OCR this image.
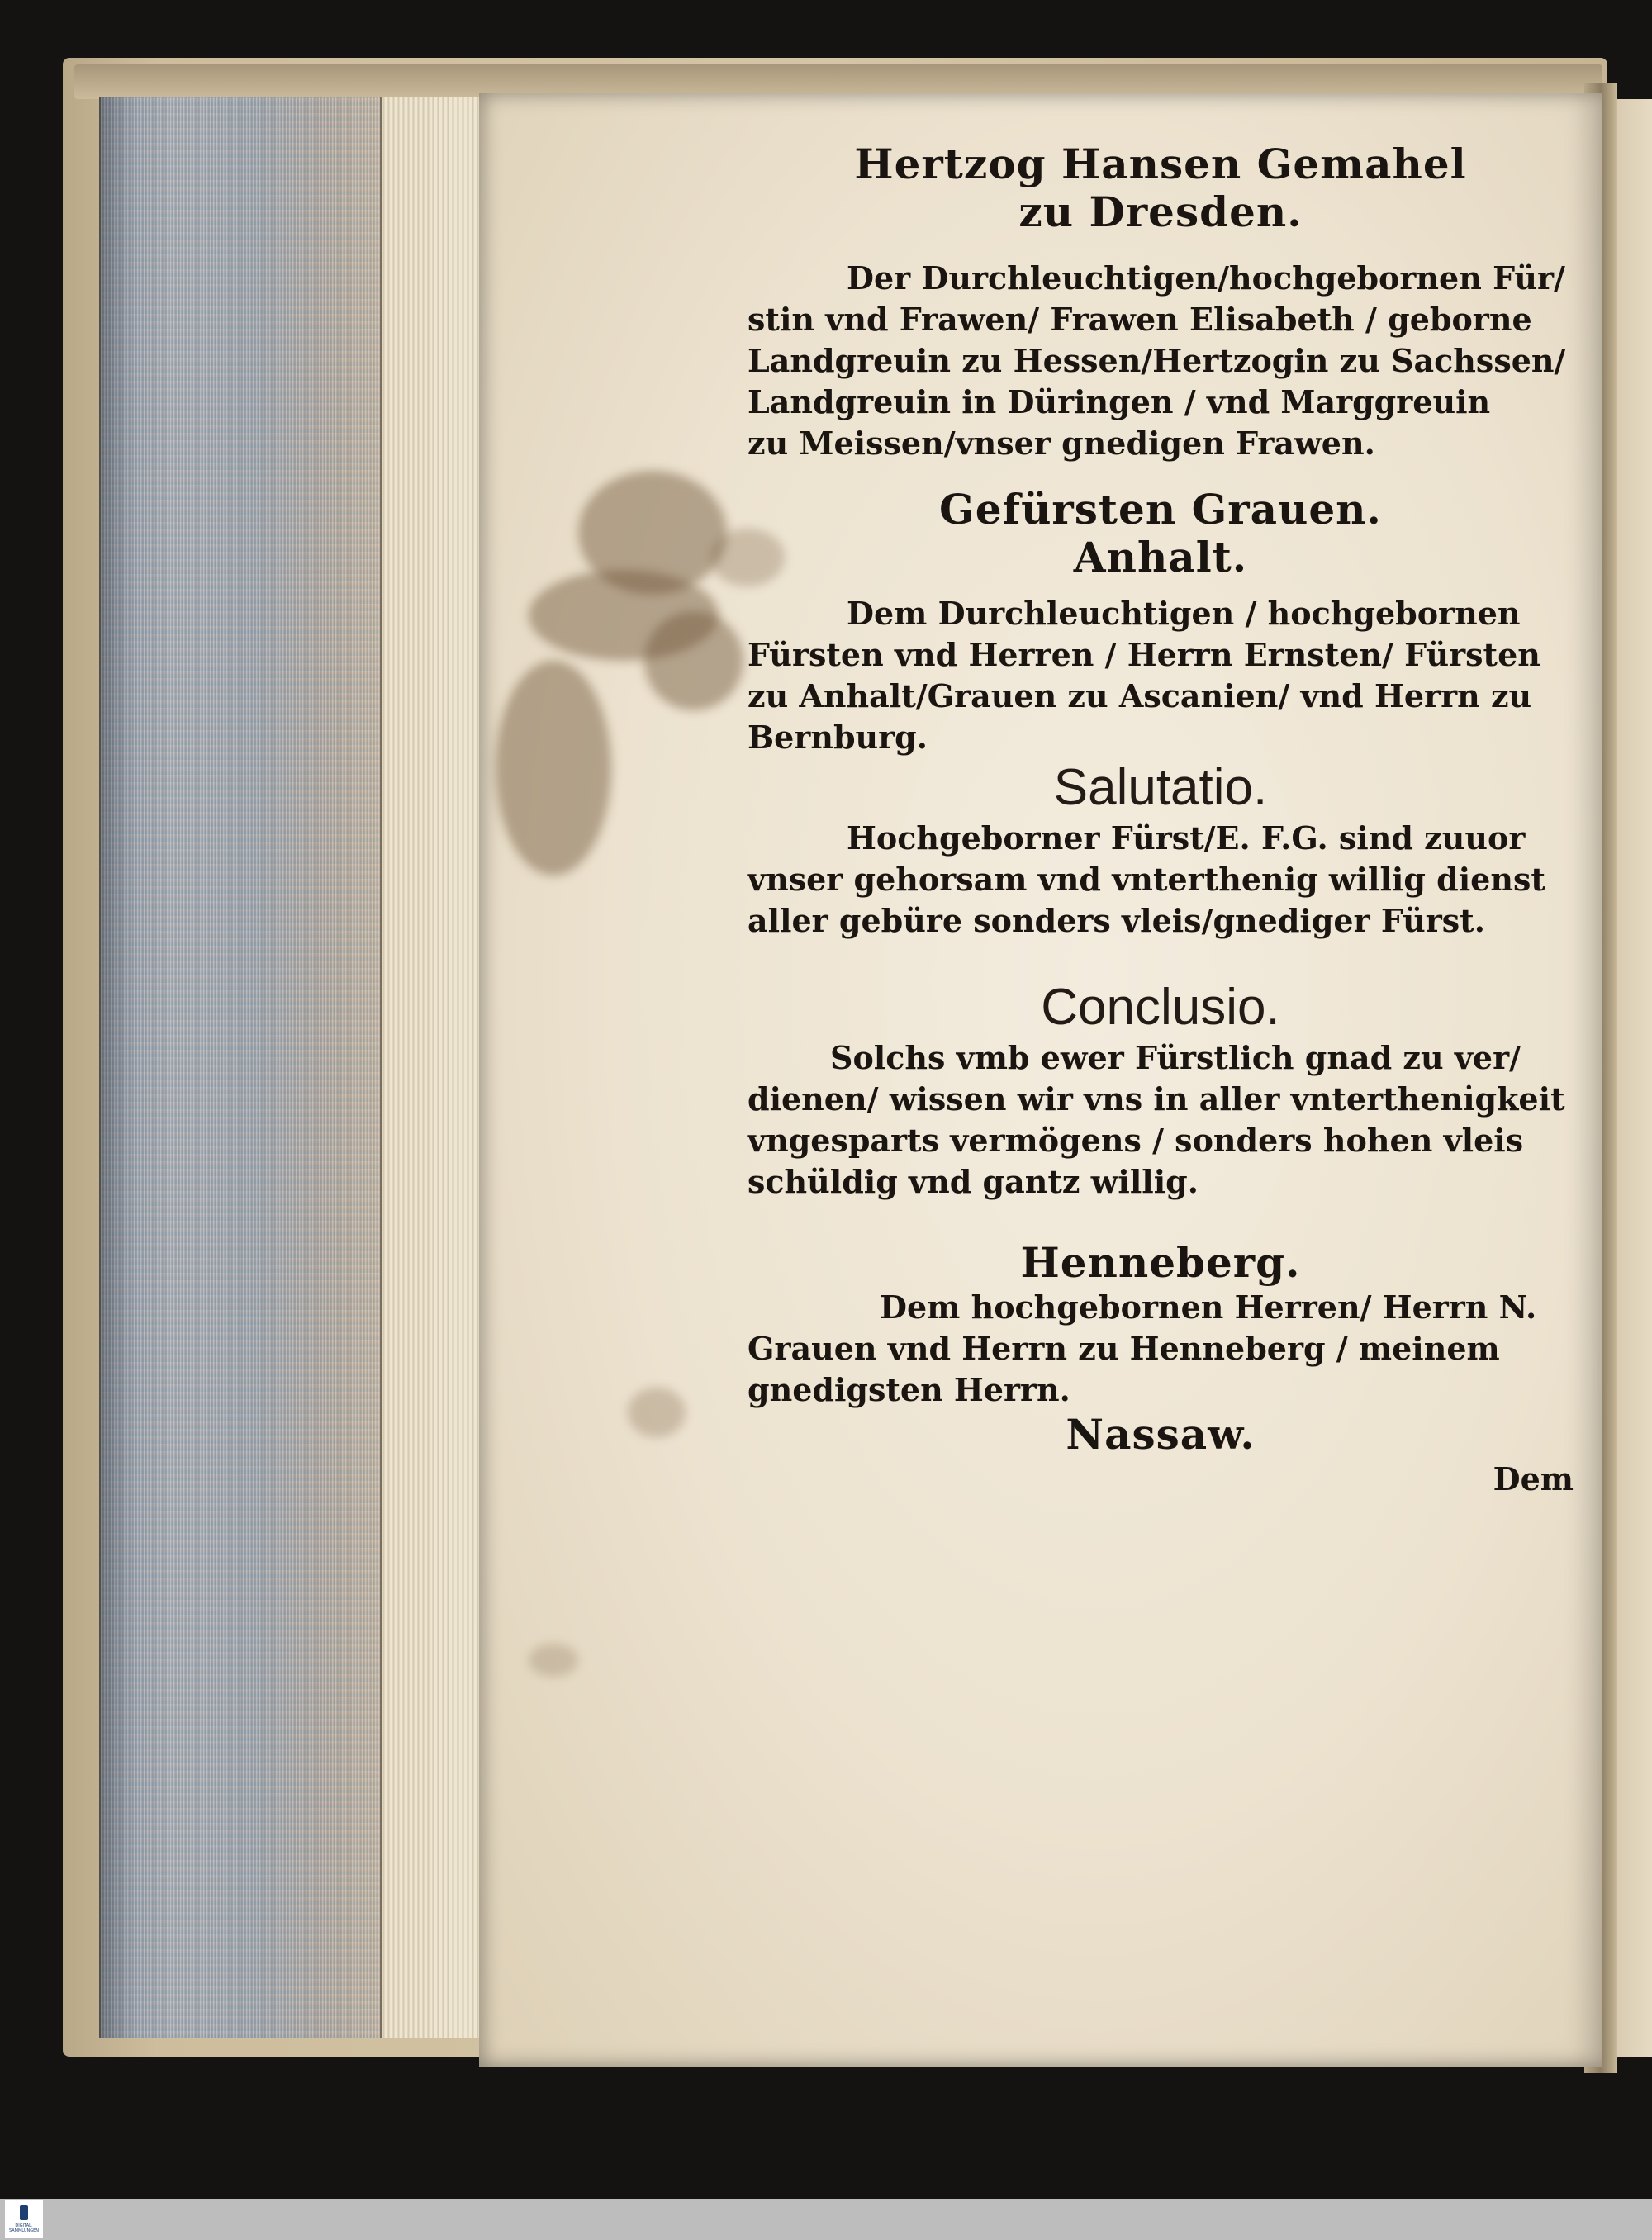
Hertzog Hansen Gemahel

zu Dresden.

Der Durchleuchtigen/hochgebornen Für/

stin vnd Frawen/ Frawen Elisabeth / geborne

Landgreuin zu Hessen/Hertzogin zu Sachssen/

Landgreuin in Düringen / vnd Marggreuin

zu Meissen/vnser gnedigen Frawen.

Gefürsten Grauen.

Anhalt.

Dem Durchleuchtigen / hochgebornen

Fürsten vnd Herren / Herrn Ernsten/ Fürsten

zu Anhalt/Grauen zu Ascanien/ vnd Herrn zu

Bernburg.

Salutatio.

Hochgeborner Fürst/E. F.G. sind zuuor

vnser gehorsam vnd vnterthenig willig dienst

aller gebüre sonders vleis/gnediger Fürst.

Conclusio.

Solchs vmb ewer Fürstlich gnad zu ver/

dienen/ wissen wir vns in aller vntertheni̇gkeit

vngesparts vermögens / sonders hohen vleis

schüldig vnd gantz willig.

Henneberg.

Dem hochgebornen Herren/ Herrn N.

Grauen vnd Herrn zu Henneberg / meinem

gnedigsten Herrn.

Nassaw.

Dem

DIGITAL. SAMMLUNGEN
